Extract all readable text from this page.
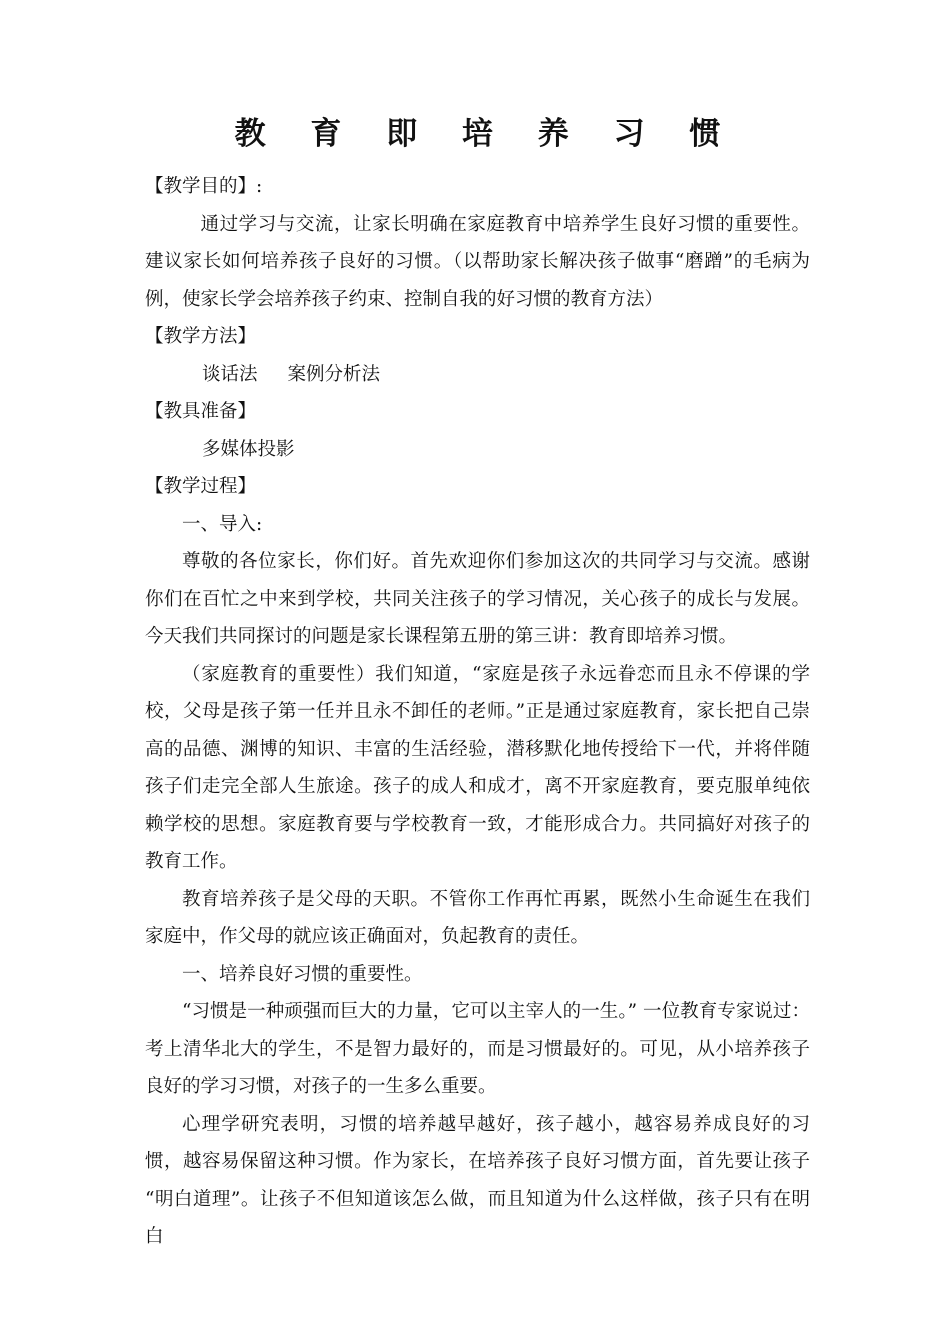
教 育 即 培 养 习 惯

【教学目的】:

通过学习与交流，让家长明确在家庭教育中培养学生良好习惯的重要性。建议家长如何培养孩子良好的习惯。（以帮助家长解决孩子做事“磨蹭”的毛病为例，使家长学会培养孩子约束、控制自我的好习惯的教育方法）

【教学方法】

谈话法 案例分析法

【教具准备】

多媒体投影

【教学过程】

一、导入:

尊敬的各位家长，你们好。首先欢迎你们参加这次的共同学习与交流。感谢你们在百忙之中来到学校，共同关注孩子的学习情况，关心孩子的成长与发展。今天我们共同探讨的问题是家长课程第五册的第三讲：教育即培养习惯。

（家庭教育的重要性）我们知道，“家庭是孩子永远眷恋而且永不停课的学校，父母是孩子第一任并且永不卸任的老师。”正是通过家庭教育，家长把自己崇高的品德、渊博的知识、丰富的生活经验，潜移默化地传授给下一代，并将伴随孩子们走完全部人生旅途。孩子的成人和成才，离不开家庭教育，要克服单纯依赖学校的思想。家庭教育要与学校教育一致，才能形成合力。共同搞好对孩子的教育工作。

教育培养孩子是父母的天职。不管你工作再忙再累，既然小生命诞生在我们家庭中，作父母的就应该正确面对，负起教育的责任。

一、培养良好习惯的重要性。

“习惯是一种顽强而巨大的力量，它可以主宰人的一生。” 一位教育专家说过：考上清华北大的学生，不是智力最好的，而是习惯最好的。可见，从小培养孩子良好的学习习惯，对孩子的一生多么重要。

心理学研究表明，习惯的培养越早越好，孩子越小，越容易养成良好的习惯，越容易保留这种习惯。作为家长，在培养孩子良好习惯方面，首先要让孩子 “明白道理”。让孩子不但知道该怎么做，而且知道为什么这样做，孩子只有在明白
